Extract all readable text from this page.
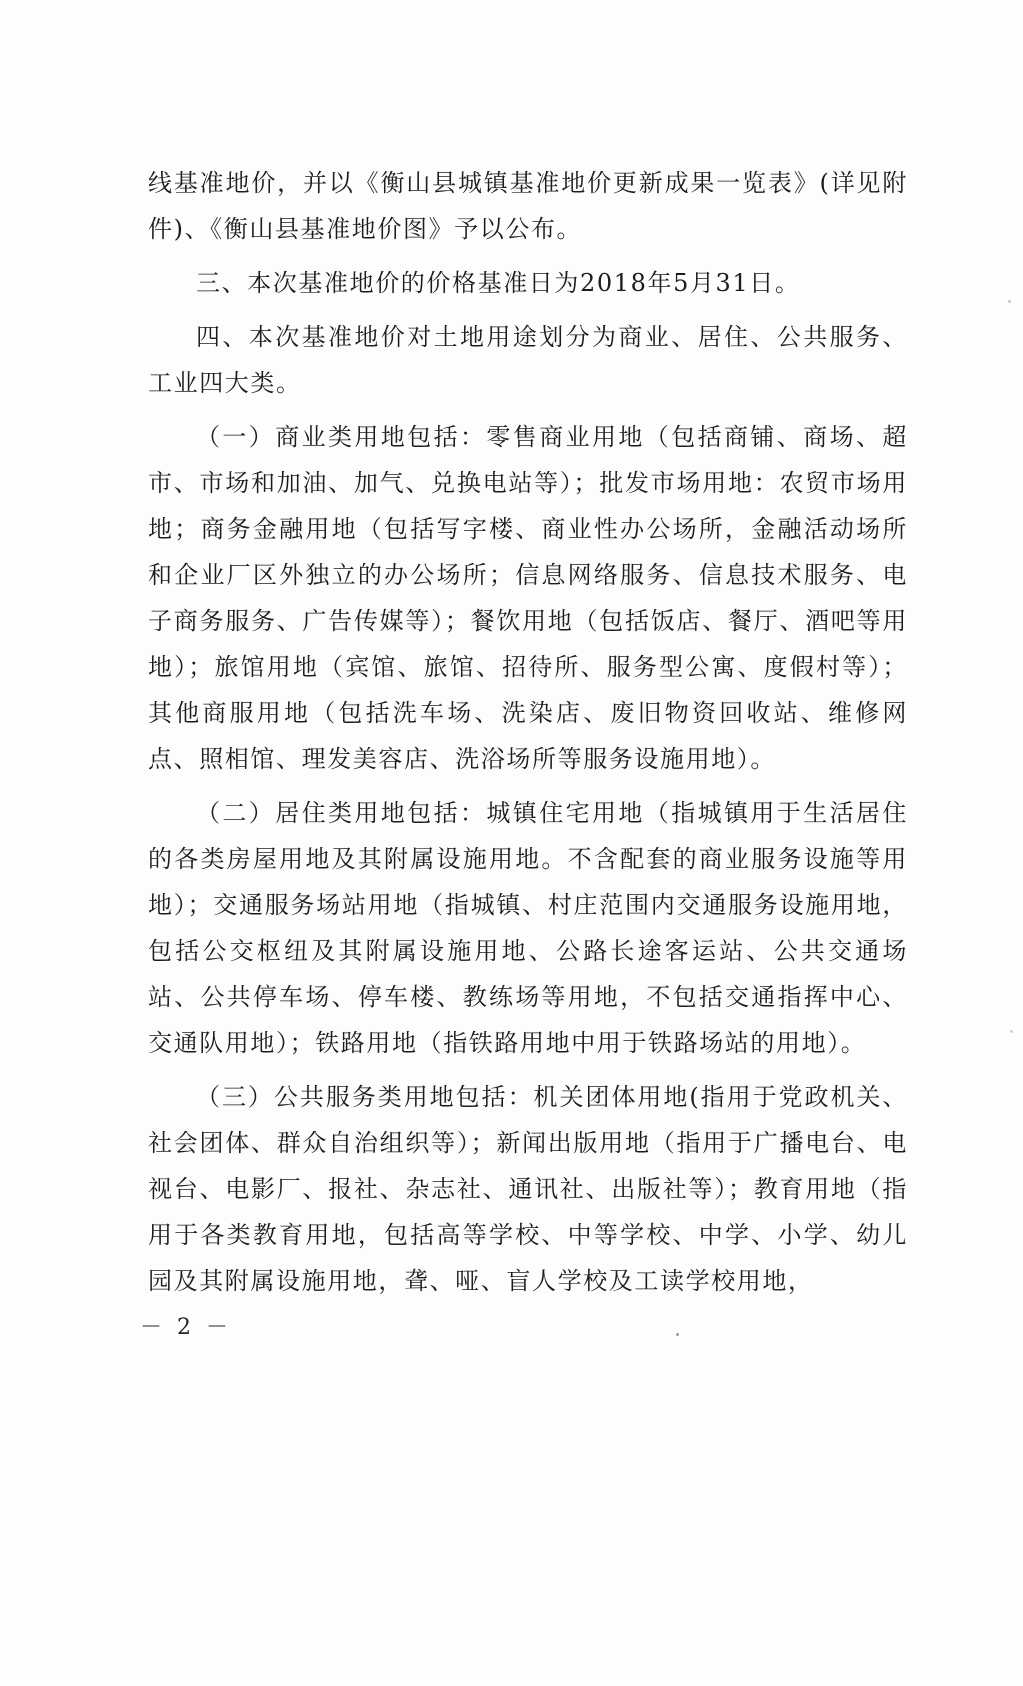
线基准地价，并以《衡山县城镇基准地价更新成果一览表》(详见附件)、《衡山县基准地价图》予以公布。

三、本次基准地价的价格基准日为2018年5月31日。

四、本次基准地价对土地用途划分为商业、居住、公共服务、工业四大类。

（一）商业类用地包括：零售商业用地（包括商铺、商场、超市、市场和加油、加气、兑换电站等）；批发市场用地：农贸市场用地；商务金融用地（包括写字楼、商业性办公场所，金融活动场所和企业厂区外独立的办公场所；信息网络服务、信息技术服务、电子商务服务、广告传媒等）；餐饮用地（包括饭店、餐厅、酒吧等用地）；旅馆用地（宾馆、旅馆、招待所、服务型公寓、度假村等）；其他商服用地（包括洗车场、洗染店、废旧物资回收站、维修网点、照相馆、理发美容店、洗浴场所等服务设施用地）。

（二）居住类用地包括：城镇住宅用地（指城镇用于生活居住的各类房屋用地及其附属设施用地。不含配套的商业服务设施等用地）；交通服务场站用地（指城镇、村庄范围内交通服务设施用地，包括公交枢纽及其附属设施用地、公路长途客运站、公共交通场站、公共停车场、停车楼、教练场等用地，不包括交通指挥中心、交通队用地）；铁路用地（指铁路用地中用于铁路场站的用地）。

（三）公共服务类用地包括：机关团体用地(指用于党政机关、社会团体、群众自治组织等）；新闻出版用地（指用于广播电台、电视台、电影厂、报社、杂志社、通讯社、出版社等）；教育用地（指用于各类教育用地，包括高等学校、中等学校、中学、小学、幼儿园及其附属设施用地，聋、哑、盲人学校及工读学校用地，

－ 2 －
